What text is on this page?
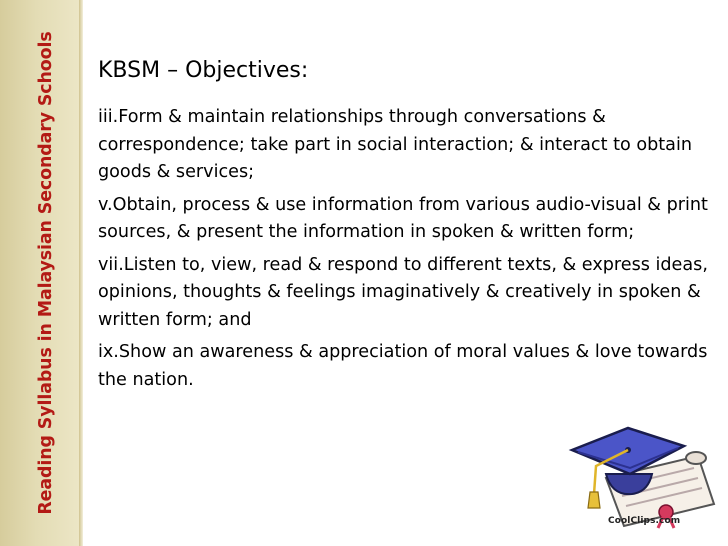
Reading Syllabus in Malaysian Secondary Schools KBSM – Objectives:

iii.Form & maintain relationships through conversations & correspondence; take part in social interaction; & interact to obtain goods & services;

v.Obtain, process & use information from various audio-visual & print sources, & present the information in spoken & written form;

vii.Listen to, view, read & respond to different texts, & express ideas, opinions, thoughts & feelings imaginatively & creatively in spoken & written form; and

ix.Show an awareness & appreciation of moral values & love towards the nation.

CoolClips.com
